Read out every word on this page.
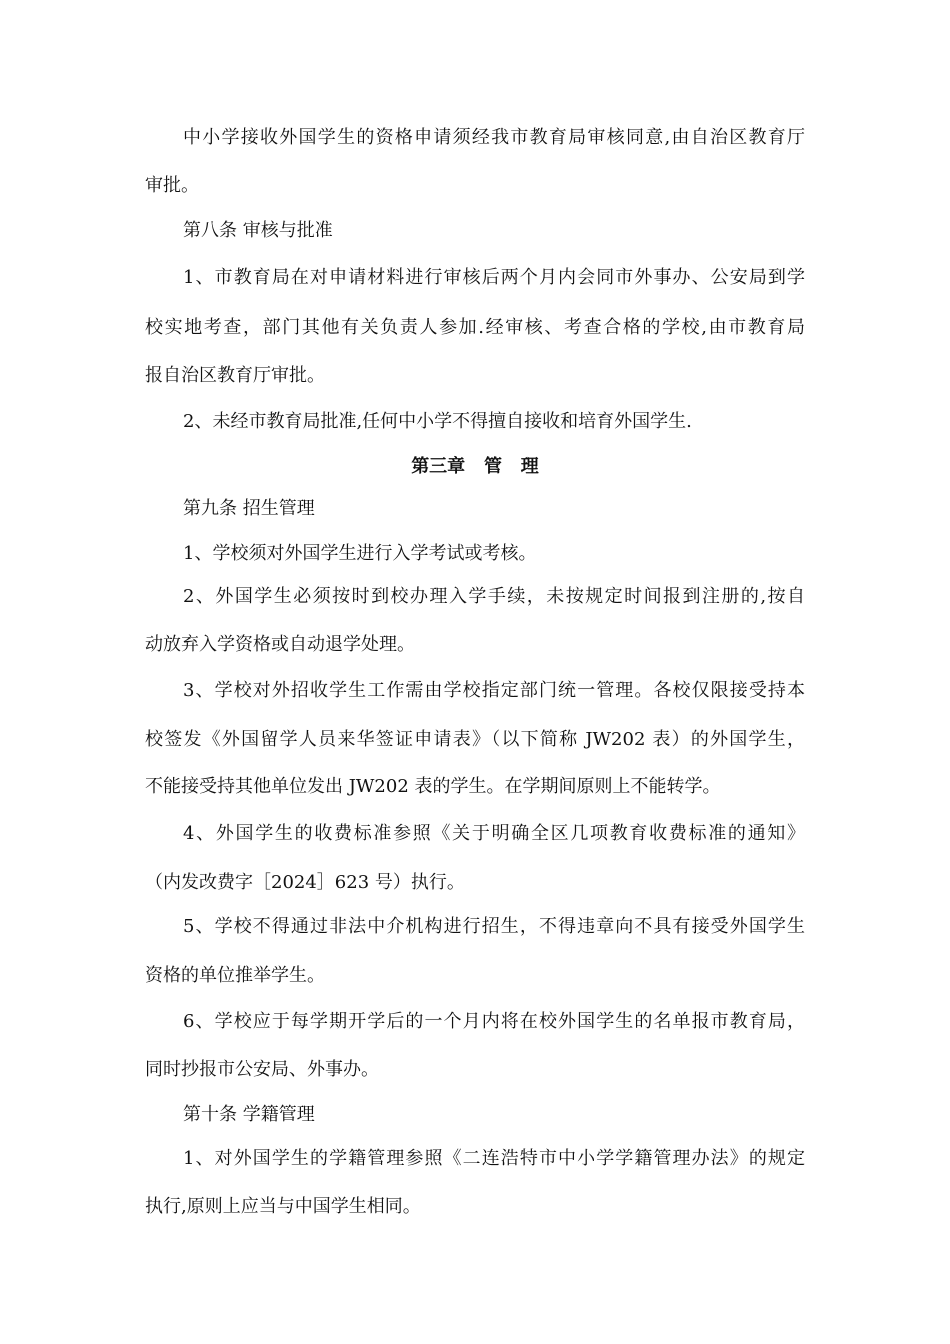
中小学接收外国学生的资格申请须经我市教育局审核同意,由自治区教育厅
审批。
第八条 审核与批准
1、市教育局在对申请材料进行审核后两个月内会同市外事办、公安局到学
校实地考查，部门其他有关负责人参加.经审核、考查合格的学校,由市教育局
报自治区教育厅审批。
2、未经市教育局批准,任何中小学不得擅自接收和培育外国学生.
第三章   管   理
第九条 招生管理
1、学校须对外国学生进行入学考试或考核。
2、外国学生必须按时到校办理入学手续，未按规定时间报到注册的,按自
动放弃入学资格或自动退学处理。
3、学校对外招收学生工作需由学校指定部门统一管理。各校仅限接受持本
校签发《外国留学人员来华签证申请表》（以下简称 JW202 表）的外国学生，
不能接受持其他单位发出 JW202 表的学生。在学期间原则上不能转学。
4、外国学生的收费标准参照《关于明确全区几项教育收费标准的通知》
（内发改费字［2024］623 号）执行。
5、学校不得通过非法中介机构进行招生，不得违章向不具有接受外国学生
资格的单位推举学生。
6、学校应于每学期开学后的一个月内将在校外国学生的名单报市教育局，
同时抄报市公安局、外事办。
第十条 学籍管理
1、对外国学生的学籍管理参照《二连浩特市中小学学籍管理办法》的规定
执行,原则上应当与中国学生相同。
